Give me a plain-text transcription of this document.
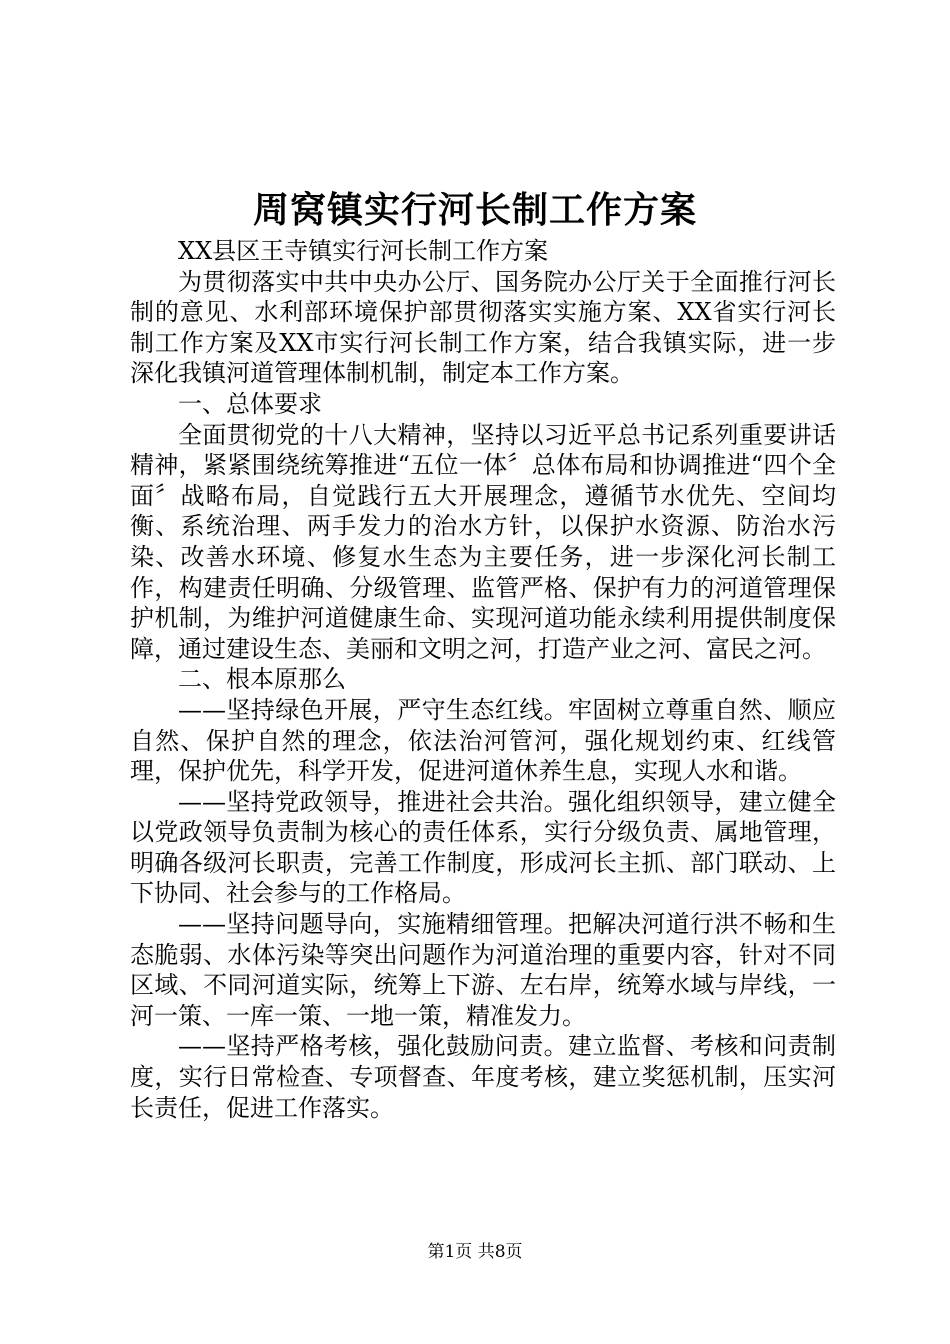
周窝镇实行河长制工作方案

XX县区王寺镇实行河长制工作方案

为贯彻落实中共中央办公厅、国务院办公厅关于全面推行河长制的意见、水利部环境保护部贯彻落实实施方案、XX省实行河长制工作方案及XX市实行河长制工作方案，结合我镇实际，进一步深化我镇河道管理体制机制，制定本工作方案。

一、总体要求

全面贯彻党的十八大精神，坚持以习近平总书记系列重要讲话精神，紧紧围绕统筹推进“五位一体〞总体布局和协调推进“四个全面〞战略布局，自觉践行五大开展理念，遵循节水优先、空间均衡、系统治理、两手发力的治水方针，以保护水资源、防治水污染、改善水环境、修复水生态为主要任务，进一步深化河长制工作，构建责任明确、分级管理、监管严格、保护有力的河道管理保护机制，为维护河道健康生命、实现河道功能永续利用提供制度保障，通过建设生态、美丽和文明之河，打造产业之河、富民之河。

二、根本原那么

——坚持绿色开展，严守生态红线。牢固树立尊重自然、顺应自然、保护自然的理念，依法治河管河，强化规划约束、红线管理，保护优先，科学开发，促进河道休养生息，实现人水和谐。

——坚持党政领导，推进社会共治。强化组织领导，建立健全以党政领导负责制为核心的责任体系，实行分级负责、属地管理，明确各级河长职责，完善工作制度，形成河长主抓、部门联动、上下协同、社会参与的工作格局。

——坚持问题导向，实施精细管理。把解决河道行洪不畅和生态脆弱、水体污染等突出问题作为河道治理的重要内容，针对不同区域、不同河道实际，统筹上下游、左右岸，统筹水域与岸线，一河一策、一库一策、一地一策，精准发力。

——坚持严格考核，强化鼓励问责。建立监督、考核和问责制度，实行日常检查、专项督查、年度考核，建立奖惩机制，压实河长责任，促进工作落实。

第1页 共8页
